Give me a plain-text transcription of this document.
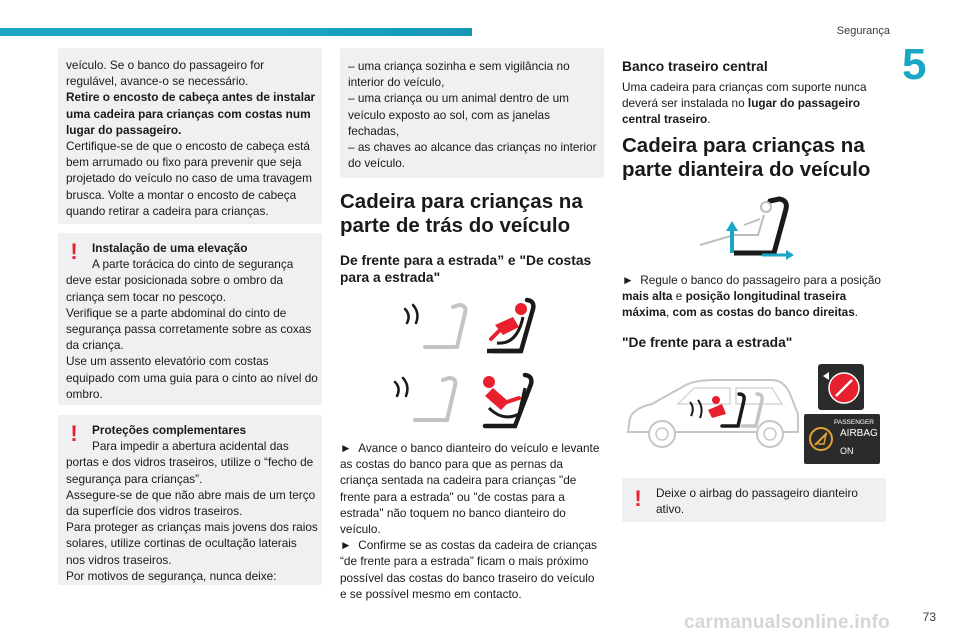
Segurança
5

veículo. Se o banco do passageiro for regulável, avance-o se necessário.

Retire o encosto de cabeça antes de instalar uma cadeira para crianças com costas num lugar do passageiro.

Certifique-se de que o encosto de cabeça está bem arrumado ou fixo para prevenir que seja projetado do veículo no caso de uma travagem brusca. Volte a montar o encosto de cabeça quando retirar a cadeira para crianças.

!	Instalação de uma elevação

A parte torácica do cinto de segurança deve estar posicionada sobre o ombro da criança sem tocar no pescoço.

Verifique se a parte abdominal do cinto de segurança passa corretamente sobre as coxas da criança.

Use um assento elevatório com costas equipado com uma guia para o cinto ao nível do ombro.

!	Proteções complementares

Para impedir a abertura acidental das portas e dos vidros traseiros, utilize o “fecho de segurança para crianças”.

Assegure-se de que não abre mais de um terço da superfície dos vidros traseiros.

Para proteger as crianças mais jovens dos raios solares, utilize cortinas de ocultação laterais nos vidros traseiros.

Por motivos de segurança, nunca deixe:

– uma criança sozinha e sem vigilância no interior do veículo,

– uma criança ou um animal dentro de um veículo exposto ao sol, com as janelas fechadas,

– as chaves ao alcance das crianças no interior do veículo.

Cadeira para crianças na parte de trás do veículo
De frente para a estrada” e "De costas para a estrada"

► Avance o banco dianteiro do veículo e levante as costas do banco para que as pernas da criança sentada na cadeira para crianças "de frente para a estrada" ou "de costas para a estrada" não toquem no banco dianteiro do veículo.

► Confirme se as costas da cadeira de crianças “de frente para a estrada” ficam o mais próximo possível das costas do banco traseiro do veículo e se possível mesmo em contacto.

Banco traseiro central

Uma cadeira para crianças com suporte nunca deverá ser instalada no lugar do passageiro central traseiro.

Cadeira para crianças na parte dianteira do veículo

► Regule o banco do passageiro para a posição mais alta e posição longitudinal traseira máxima, com as costas do banco direitas.

"De frente para a estrada"
PASSENGER
AIRBAG
ON
! Deixe o airbag do passageiro dianteiro ativo.

73
carmanualsonline.info
